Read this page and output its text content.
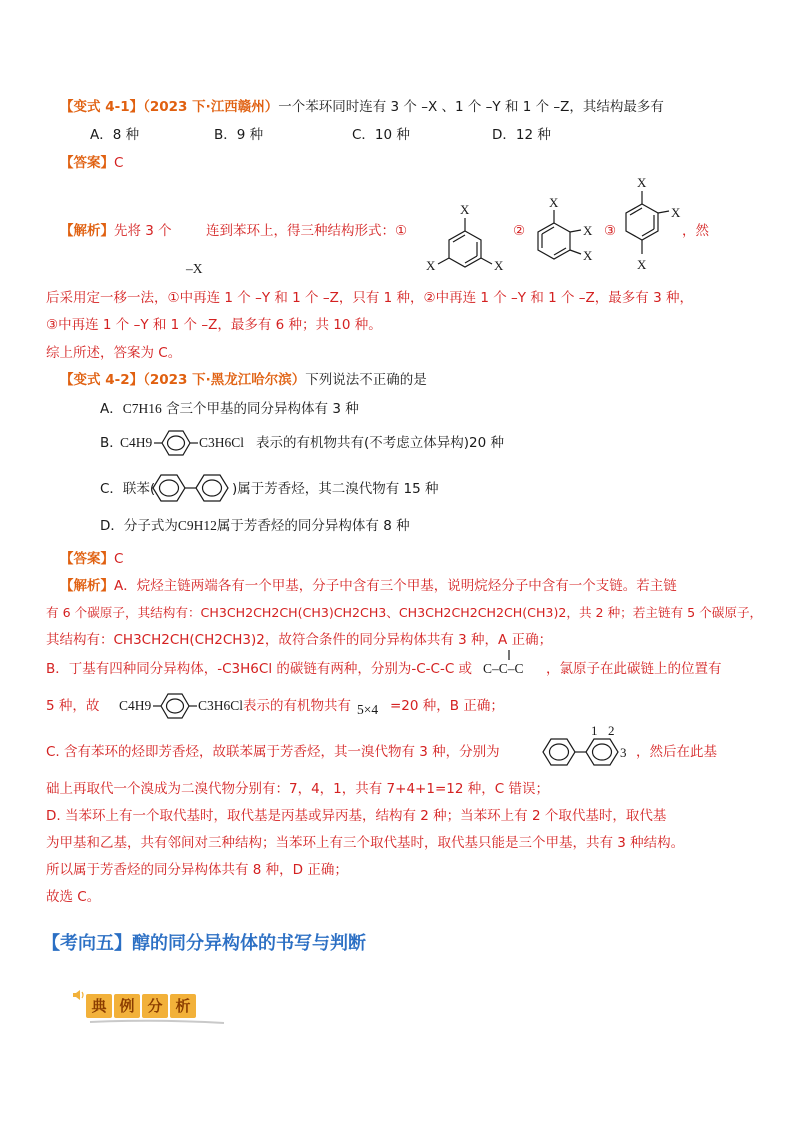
【变式 4-1】（2023 下·江西赣州）一个苯环同时连有 3 个 –X 、1 个 –Y 和 1 个 –Z，其结构最多有
A．8 种	B．9 种	C．10 种	D．12 种
【答案】C
【解析】先将 3 个	连到苯环上，得三种结构形式：①	②	③	，然
–X
X
X	X
X
X
X
X
X
X
后采用定一移一法，①中再连 1 个 –Y 和 1 个 –Z，只有 1 种，②中再连 1 个 –Y 和 1 个 –Z，最多有 3 种，
③中再连 1 个 –Y 和 1 个 –Z，最多有 6 种；共 10 种。
综上所述，答案为 C。
【变式 4-2】（2023 下·黑龙江哈尔滨）下列说法不正确的是
A．C7H16 含三个甲基的同分异构体有 3 种
B．
C4H9	C3H6Cl 表示的有机物共有(不考虑立体异构)20 种
C．联苯(	)属于芳香烃，其二溴代物有 15 种
D．分子式为C9H12属于芳香烃的同分异构体有 8 种
【答案】C
【解析】A．烷烃主链两端各有一个甲基，分子中含有三个甲基，说明烷烃分子中含有一个支链。若主链
有 6 个碳原子，其结构有：CH3CH2CH2CH(CH3)CH2CH3、CH3CH2CH2CH2CH(CH3)2，共 2 种；若主链有 5 个碳原子，
其结构有：CH3CH2CH(CH2CH3)2，故符合条件的同分异构体共有 3 种，A 正确；
B．丁基有四种同分异构体，-C3H6Cl 的碳链有两种，分别为-C-C-C 或 C–C–C ，氯原子在此碳链上的位置有
5 种，故 C4H9	C3H6Cl 表示的有机物共有 5×4 =20 种，B 正确；
C. 含有苯环的烃即芳香烃，故联苯属于芳香烃，其一溴代物有 3 种，分别为
1 2
3 ，然后在此基
础上再取代一个溴成为二溴代物分别有：7，4，1，共有 7+4+1=12 种，C 错误；
D. 当苯环上有一个取代基时，取代基是丙基或异丙基，结构有 2 种；当苯环上有 2 个取代基时，取代基
为甲基和乙基，共有邻间对三种结构；当苯环上有三个取代基时，取代基只能是三个甲基，共有 3 种结构。
所以属于芳香烃的同分异构体共有 8 种，D 正确；
故选 C。
【考向五】醇的同分异构体的书写与判断
典 例 分 析
